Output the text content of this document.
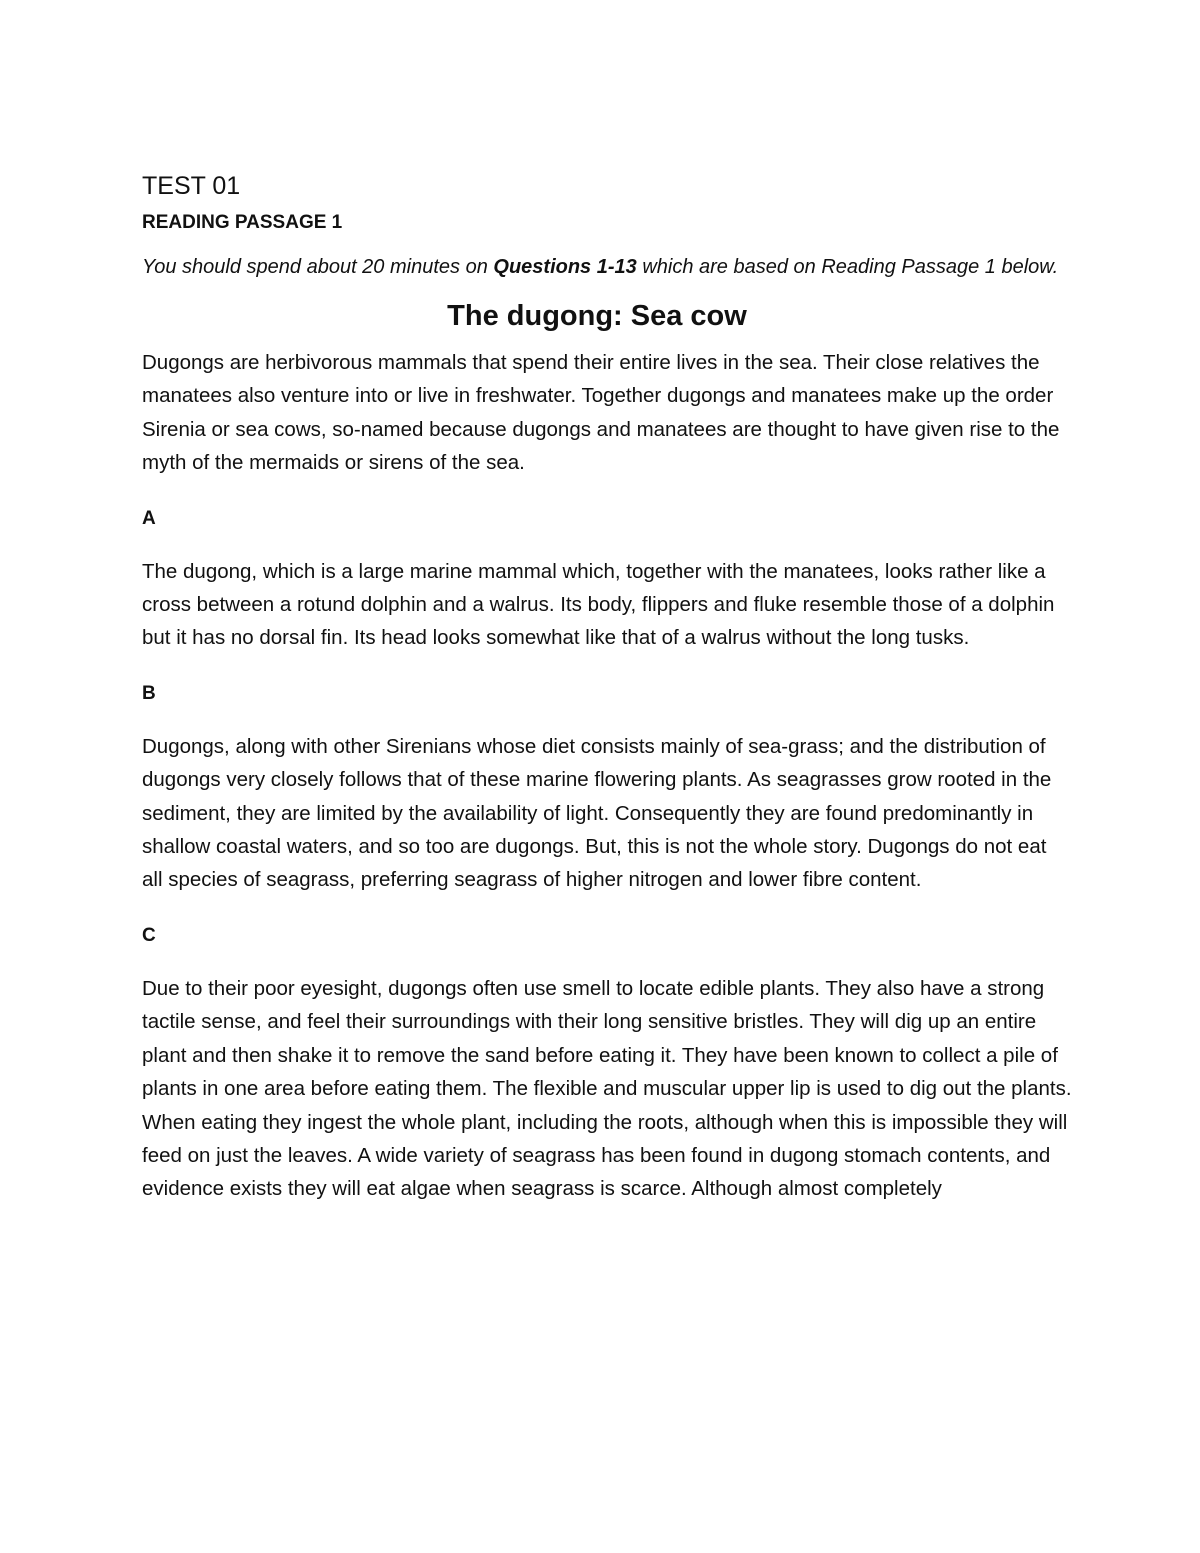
TEST 01
READING PASSAGE 1

You should spend about 20 minutes on Questions 1-13 which are based on Reading Passage 1 below.

The dugong: Sea cow

Dugongs are herbivorous mammals that spend their entire lives in the sea. Their close relatives the manatees also venture into or live in freshwater. Together dugongs and manatees make up the order Sirenia or sea cows, so-named because dugongs and manatees are thought to have given rise to the myth of the mermaids or sirens of the sea.

A

The dugong, which is a large marine mammal which, together with the manatees, looks rather like a cross between a rotund dolphin and a walrus. Its body, flippers and fluke resemble those of a dolphin but it has no dorsal fin. Its head looks somewhat like that of a walrus without the long tusks.

B

Dugongs, along with other Sirenians whose diet consists mainly of sea-grass; and the distribution of dugongs very closely follows that of these marine flowering plants. As seagrasses grow rooted in the sediment, they are limited by the availability of light. Consequently they are found predominantly in shallow coastal waters, and so too are dugongs. But, this is not the whole story. Dugongs do not eat all species of seagrass, preferring seagrass of higher nitrogen and lower fibre content.

C

Due to their poor eyesight, dugongs often use smell to locate edible plants. They also have a strong tactile sense, and feel their surroundings with their long sensitive bristles. They will dig up an entire plant and then shake it to remove the sand before eating it. They have been known to collect a pile of plants in one area before eating them. The flexible and muscular upper lip is used to dig out the plants. When eating they ingest the whole plant, including the roots, although when this is impossible they will feed on just the leaves. A wide variety of seagrass has been found in dugong stomach contents, and evidence exists they will eat algae when seagrass is scarce. Although almost completely
